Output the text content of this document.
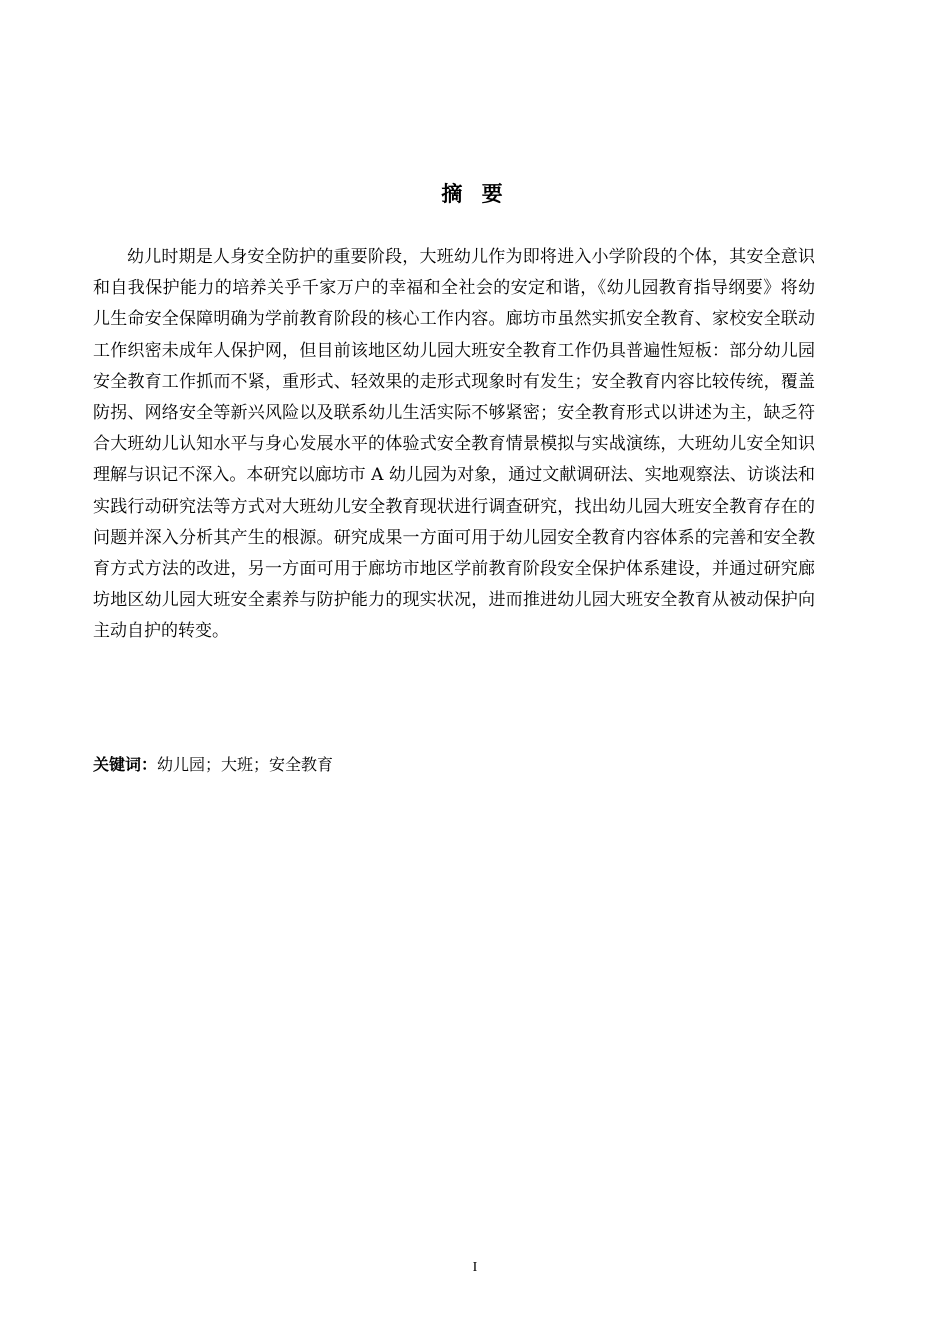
摘 要

幼儿时期是人身安全防护的重要阶段，大班幼儿作为即将进入小学阶段的个体，其安全意识和自我保护能力的培养关乎千家万户的幸福和全社会的安定和谐，《幼儿园教育指导纲要》将幼儿生命安全保障明确为学前教育阶段的核心工作内容。廊坊市虽然实抓安全教育、家校安全联动工作织密未成年人保护网，但目前该地区幼儿园大班安全教育工作仍具普遍性短板：部分幼儿园安全教育工作抓而不紧，重形式、轻效果的走形式现象时有发生；安全教育内容比较传统，覆盖防拐、网络安全等新兴风险以及联系幼儿生活实际不够紧密；安全教育形式以讲述为主，缺乏符合大班幼儿认知水平与身心发展水平的体验式安全教育情景模拟与实战演练，大班幼儿安全知识理解与识记不深入。本研究以廊坊市 A 幼儿园为对象，通过文献调研法、实地观察法、访谈法和实践行动研究法等方式对大班幼儿安全教育现状进行调查研究，找出幼儿园大班安全教育存在的问题并深入分析其产生的根源。研究成果一方面可用于幼儿园安全教育内容体系的完善和安全教育方式方法的改进，另一方面可用于廊坊市地区学前教育阶段安全保护体系建设，并通过研究廊坊地区幼儿园大班安全素养与防护能力的现实状况，进而推进幼儿园大班安全教育从被动保护向主动自护的转变。

关键词：幼儿园；大班；安全教育
I
